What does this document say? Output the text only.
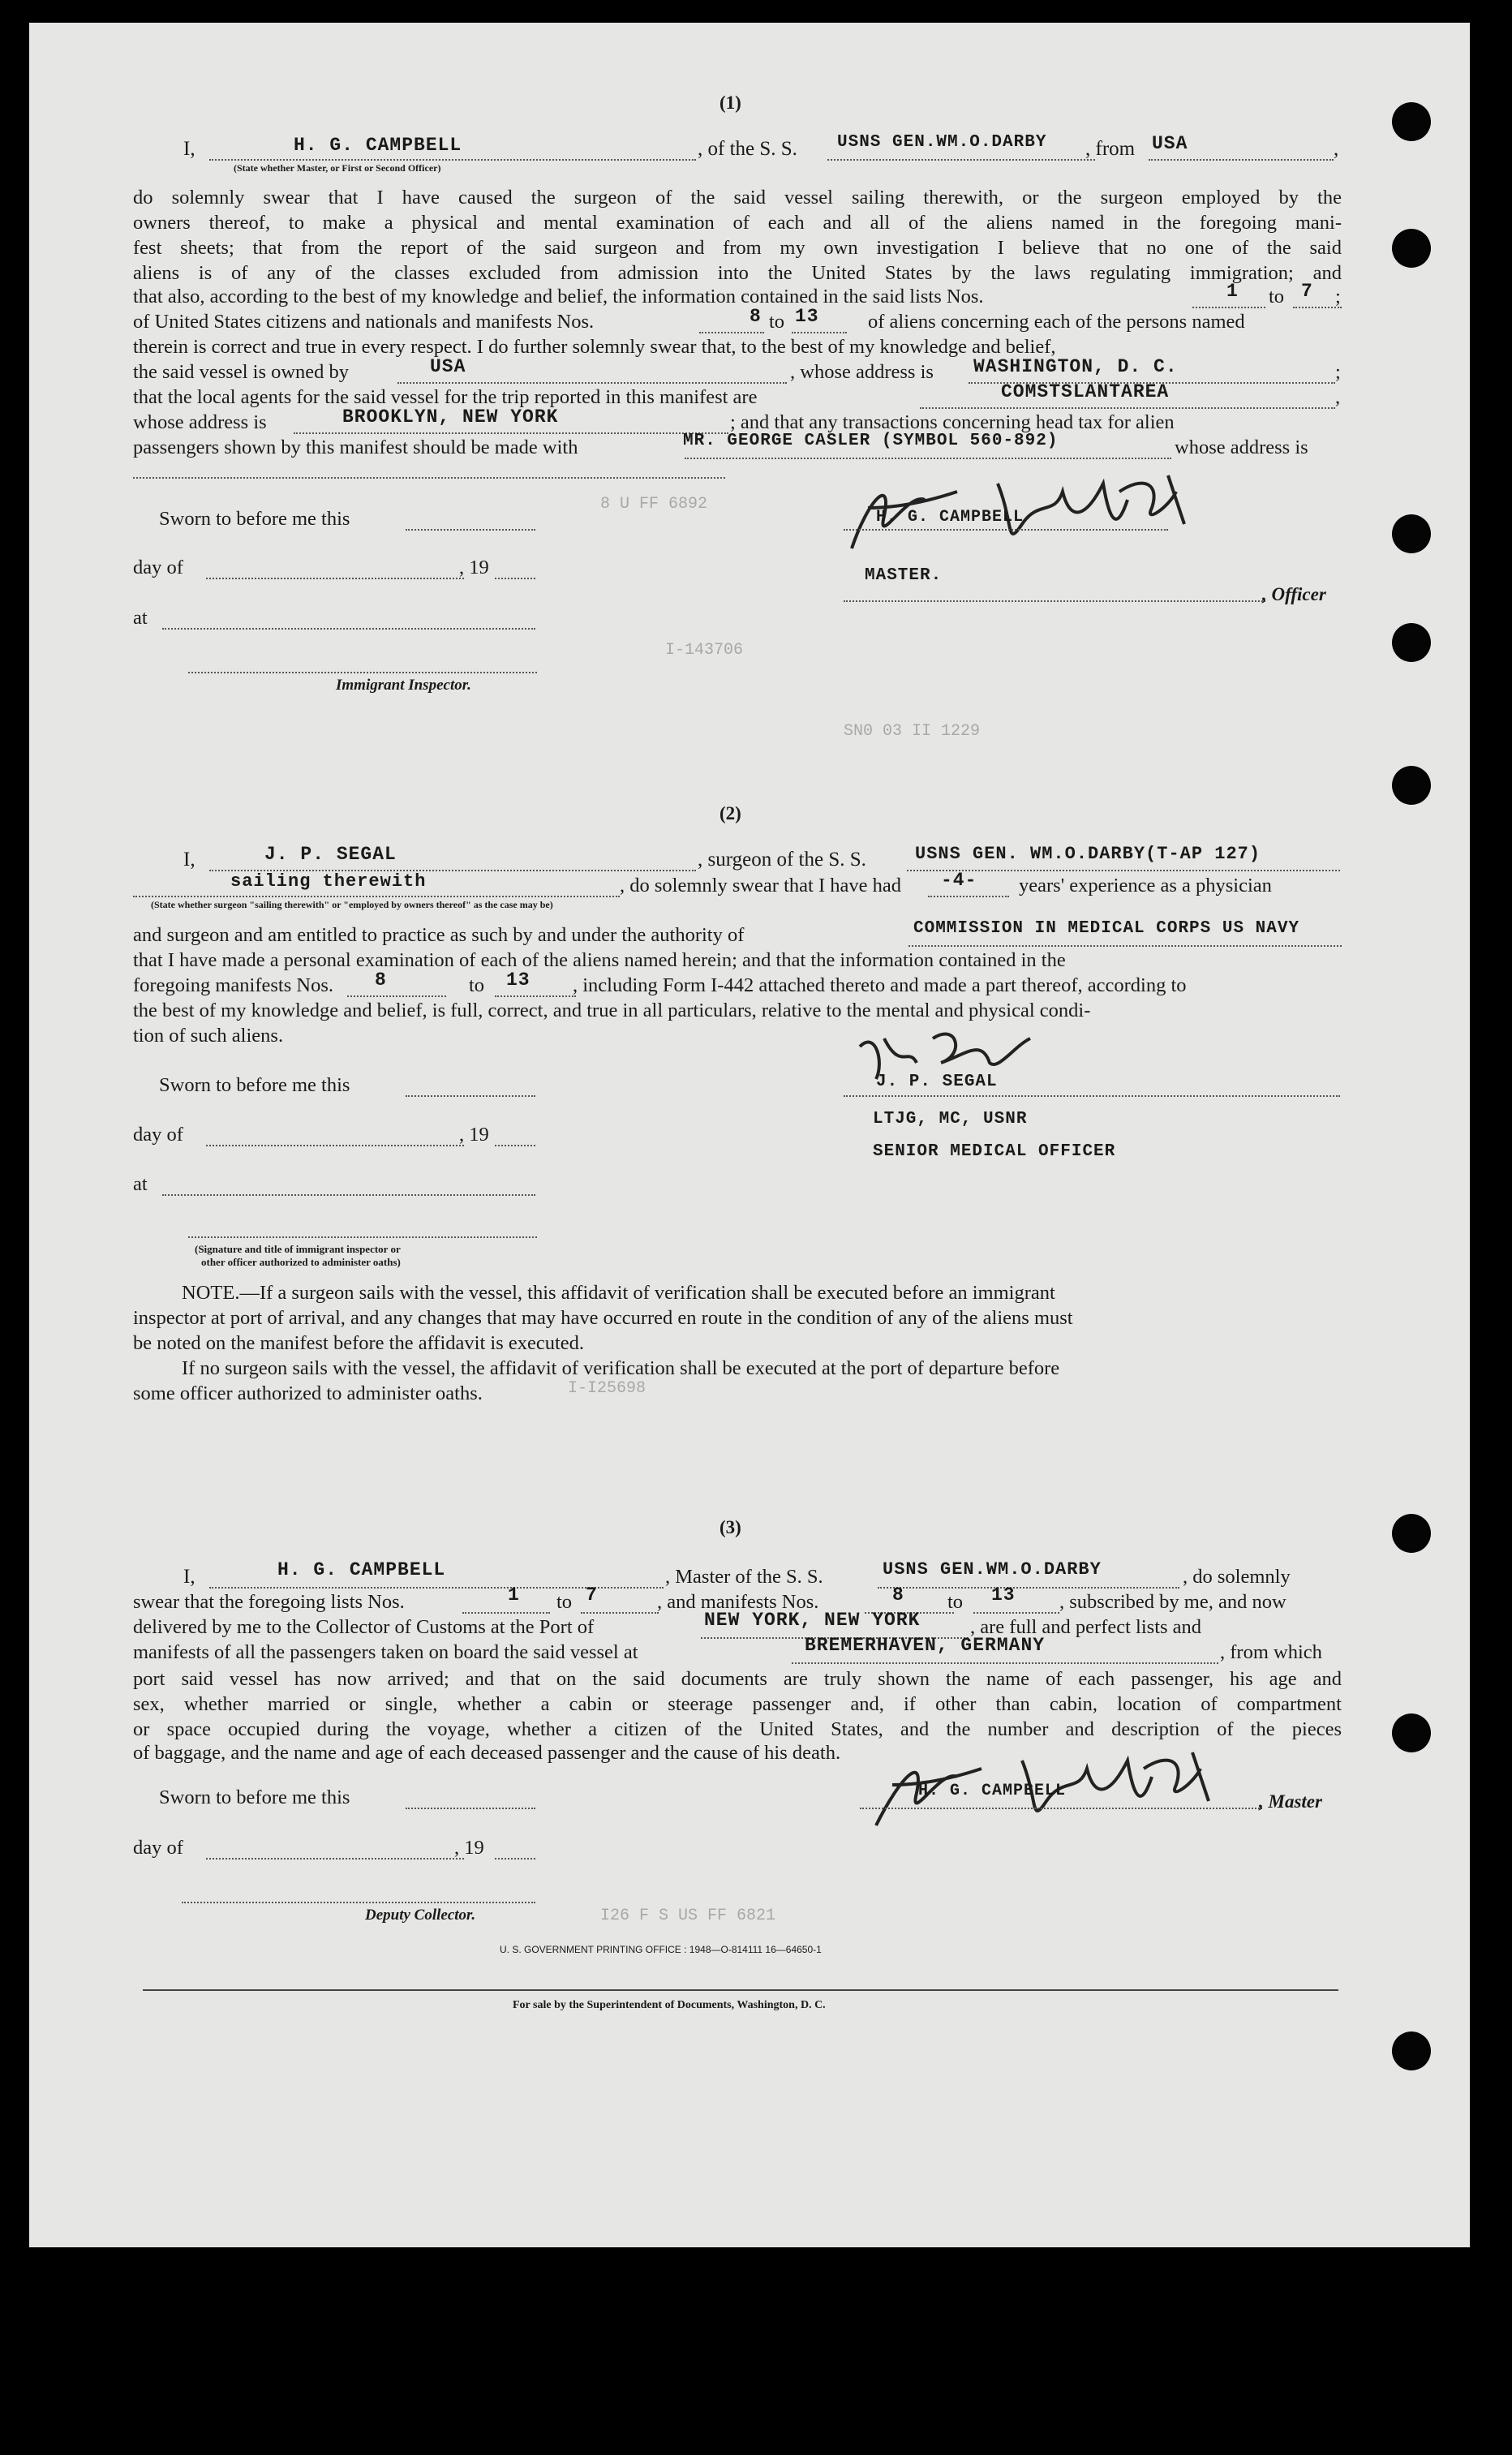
8 U FF 6892
I-143706
SN0 03 II 1229
I-I25698
I26 F S US FF 6821
(1)
I,	H. G. CAMPBELL
(State whether Master, or First or Second Officer)
, of the S. S. USNS GEN.WM.O.DARBY , from USA	,
do solemnly swear that I have caused the surgeon of the said vessel sailing therewith, or the surgeon employed by the
owners thereof, to make a physical and mental examination of each and all of the aliens named in the foregoing mani-
fest sheets; that from the report of the said surgeon and from my own investigation I believe that no one of the said
aliens is of any of the classes excluded from admission into the United States by the laws regulating immigration; and
that also, according to the best of my knowledge and belief, the information contained in the said lists Nos.	1 to 7 ;
of United States citizens and nationals and manifests Nos.	8 to 13 of aliens concerning each of the persons named
therein is correct and true in every respect. I do further solemnly swear that, to the best of my knowledge and belief,
the said vessel is owned by	USA	, whose address is WASHINGTON, D. C.	;
that the local agents for the said vessel for the trip reported in this manifest are	COMSTSLANTAREA	,
whose address is	BROOKLYN, NEW YORK	; and that any transactions concerning head tax for alien
passengers shown by this manifest should be made with	MR. GEORGE CASLER (SYMBOL 560-892)	whose address is
Sworn to before me this
day of	, 19
at
Immigrant Inspector.
H. G. CAMPBELL
MASTER.
, Officer
(2)
I,	J. P. SEGAL	, surgeon of the S. S.	USNS GEN. WM.O.DARBY(T-AP 127)
sailing therewith	, do solemnly swear that I have had -4- years' experience as a physician
(State whether surgeon "sailing therewith" or "employed by owners thereof" as the case may be)
and surgeon and am entitled to practice as such by and under the authority of	COMMISSION IN MEDICAL CORPS US NAVY
that I have made a personal examination of each of the aliens named herein; and that the information contained in the
foregoing manifests Nos. 8	to 13 , including Form I-442 attached thereto and made a part thereof, according to
the best of my knowledge and belief, is full, correct, and true in all particulars, relative to the mental and physical condi-
tion of such aliens.
Sworn to before me this
day of	, 19
at
(Signature and title of immigrant inspector or
other officer authorized to administer oaths)
J. P. SEGAL
LTJG, MC, USNR
SENIOR MEDICAL OFFICER
NOTE.—If a surgeon sails with the vessel, this affidavit of verification shall be executed before an immigrant
inspector at port of arrival, and any changes that may have occurred en route in the condition of any of the aliens must
be noted on the manifest before the affidavit is executed.
If no surgeon sails with the vessel, the affidavit of verification shall be executed at the port of departure before
some officer authorized to administer oaths.
(3)
I,	H. G. CAMPBELL	, Master of the S. S.	USNS GEN.WM.O.DARBY	, do solemnly
swear that the foregoing lists Nos.	1 to 7	, and manifests Nos.	8 to 13 , subscribed by me, and now
delivered by me to the Collector of Customs at the Port of	NEW YORK, NEW YORK	, are full and perfect lists and
manifests of all the passengers taken on board the said vessel at	BREMERHAVEN, GERMANY	, from which
port said vessel has now arrived; and that on the said documents are truly shown the name of each passenger, his age and
sex, whether married or single, whether a cabin or steerage passenger and, if other than cabin, location of compartment
or space occupied during the voyage, whether a citizen of the United States, and the number and description of the pieces
of baggage, and the name and age of each deceased passenger and the cause of his death.
Sworn to before me this
day of	, 19
Deputy Collector.
H. G. CAMPBELL
, Master
U. S. GOVERNMENT PRINTING OFFICE : 1948—O-814111 16—64650-1
For sale by the Superintendent of Documents, Washington, D. C.
